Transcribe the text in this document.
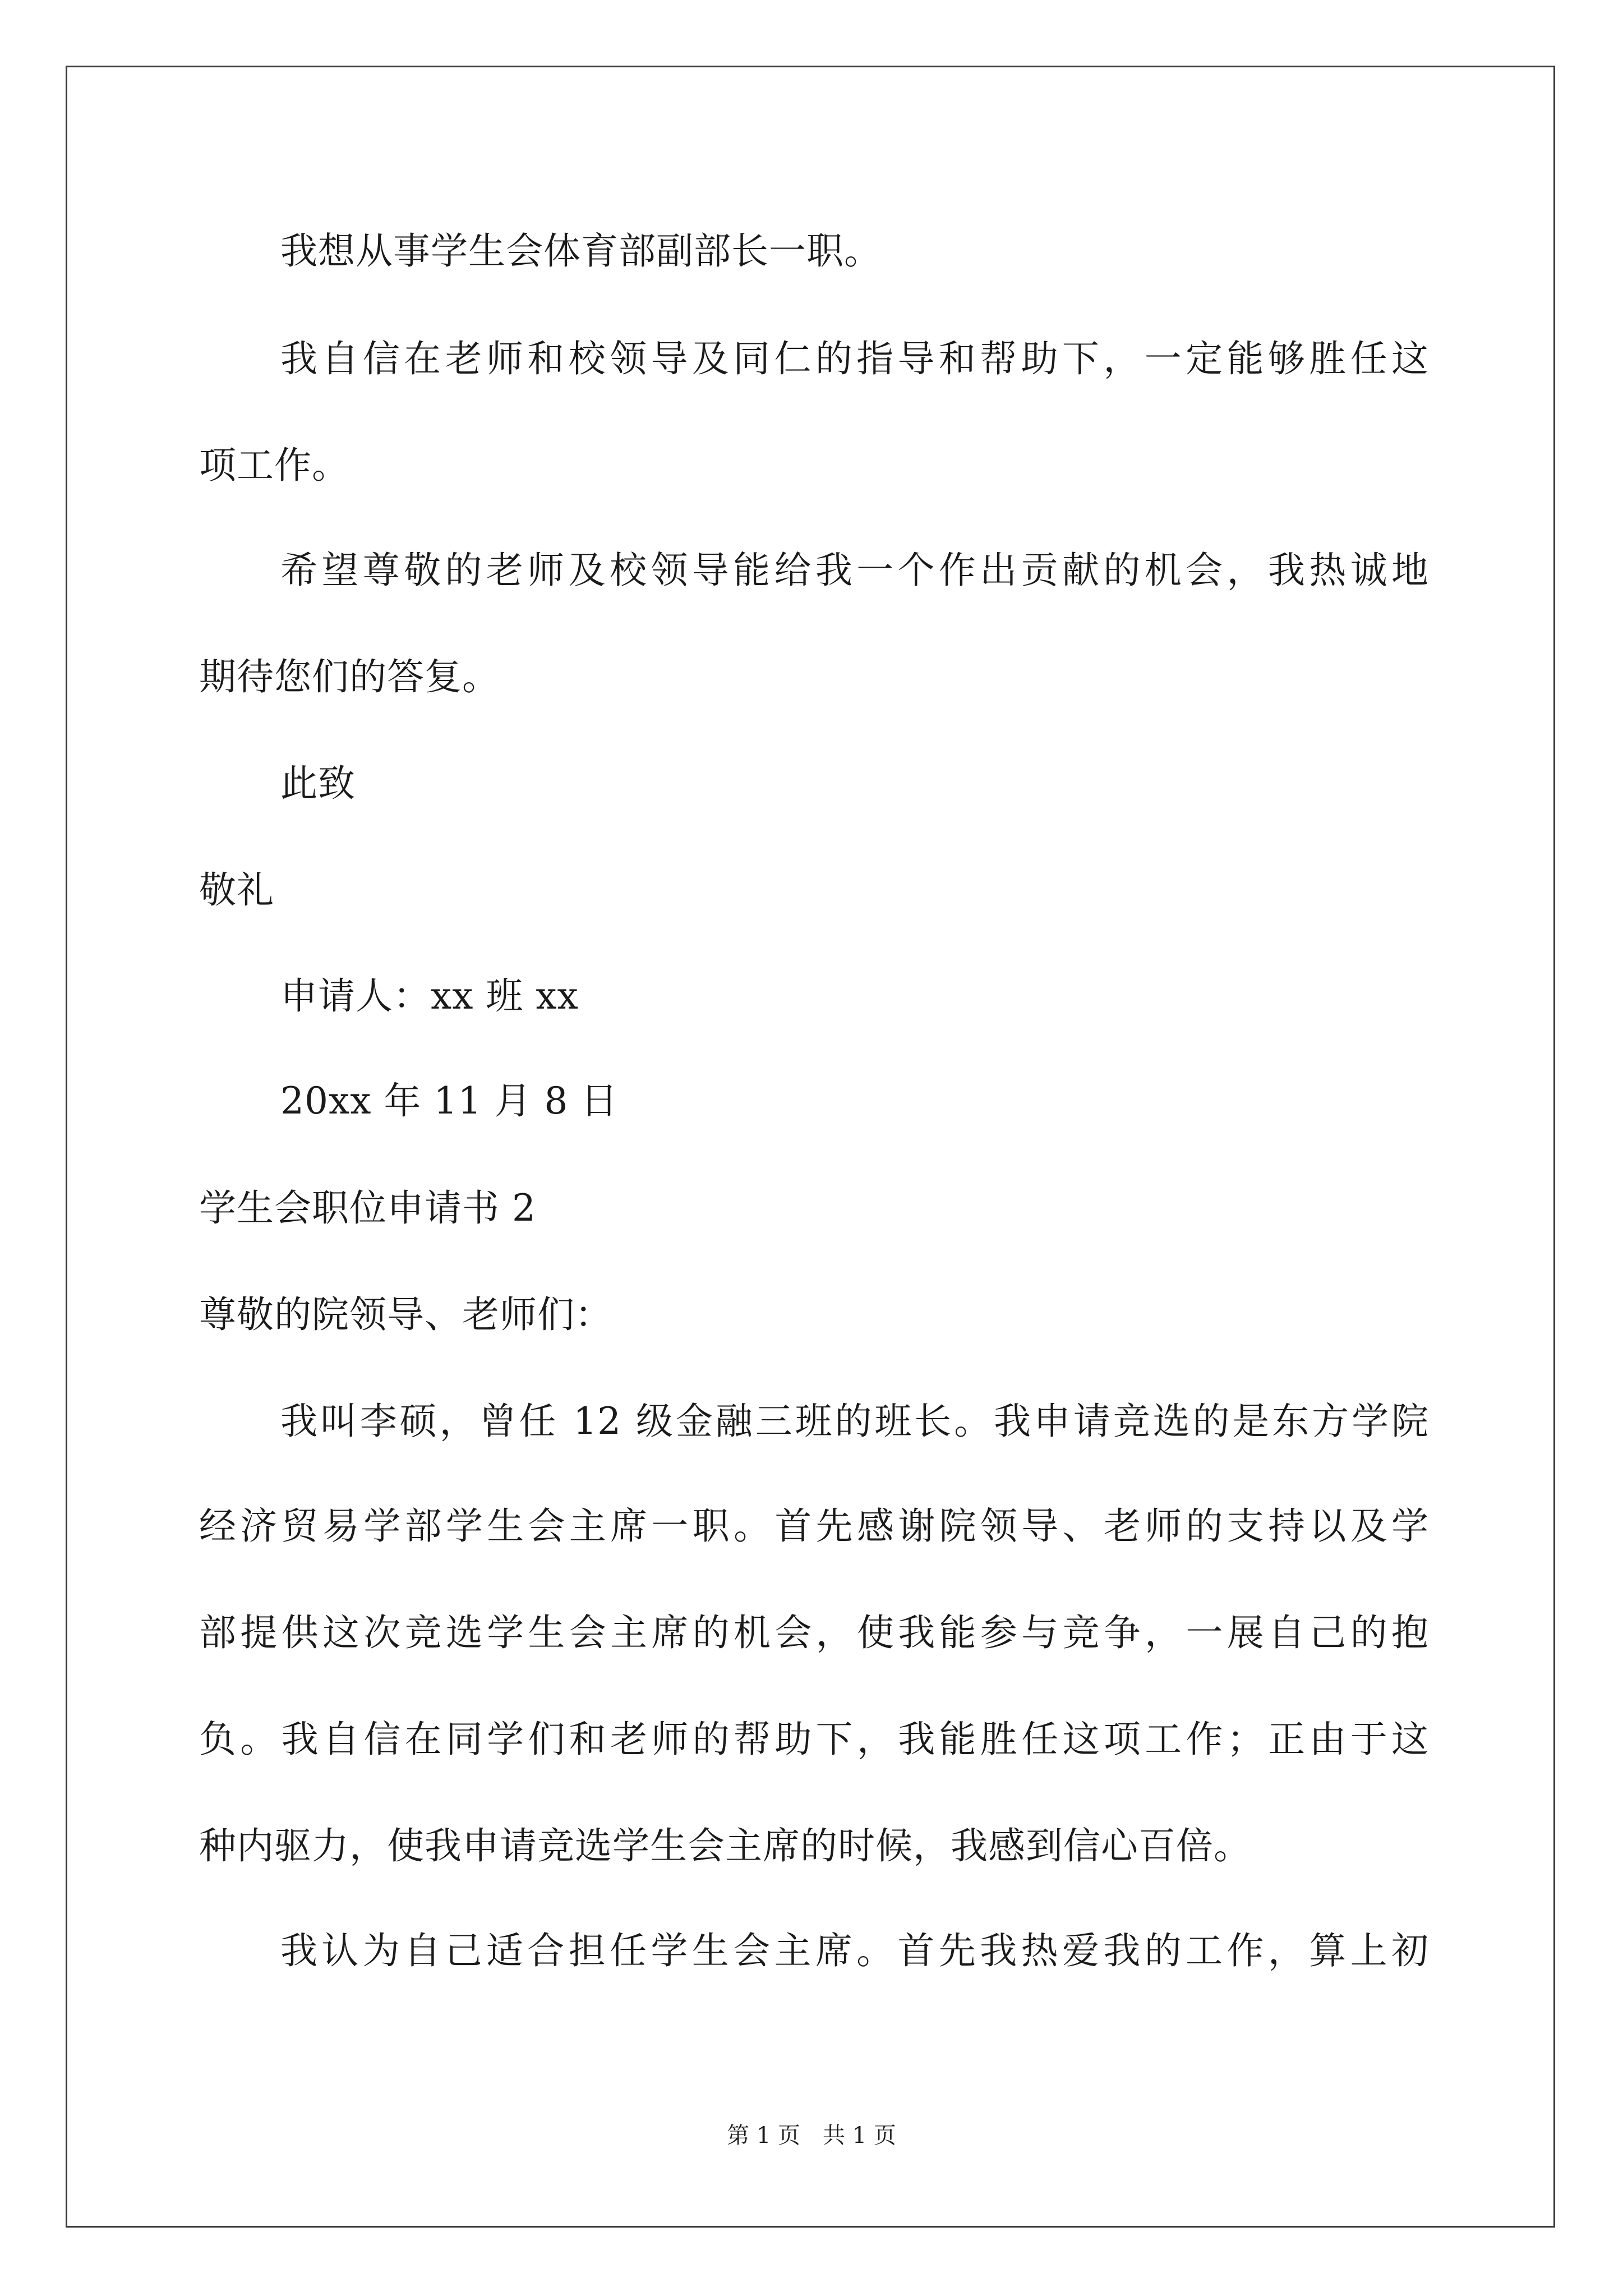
我想从事学生会体育部副部长一职。
我自信在老师和校领导及同仁的指导和帮助下，一定能够胜任这
项工作。
希望尊敬的老师及校领导能给我一个作出贡献的机会，我热诚地
期待您们的答复。
此致
敬礼
申请人：xx 班 xx
20xx 年 11 月 8 日
学生会职位申请书 2
尊敬的院领导、老师们：
我叫李硕，曾任 12 级金融三班的班长。我申请竞选的是东方学院
经济贸易学部学生会主席一职。首先感谢院领导、老师的支持以及学
部提供这次竞选学生会主席的机会，使我能参与竞争，一展自己的抱
负。我自信在同学们和老师的帮助下，我能胜任这项工作；正由于这
种内驱力，使我申请竞选学生会主席的时候，我感到信心百倍。
我认为自己适合担任学生会主席。首先我热爱我的工作，算上初
第 1 页　共 1 页
